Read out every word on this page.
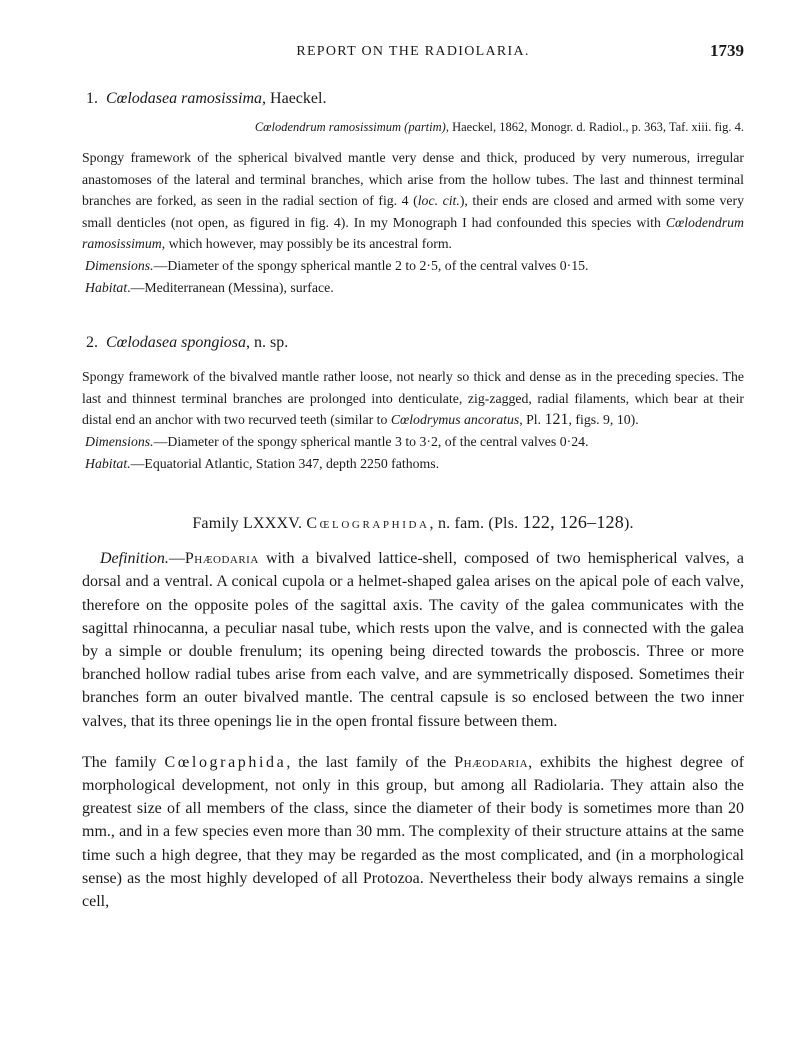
REPORT ON THE RADIOLARIA.	1739
1. Cœlodasea ramosissima, Haeckel.
Cœlodendrum ramosissimum (partim), Haeckel, 1862, Monogr. d. Radiol., p. 363, Taf. xiii. fig. 4.

Spongy framework of the spherical bivalved mantle very dense and thick, produced by very numerous, irregular anastomoses of the lateral and terminal branches, which arise from the hollow tubes. The last and thinnest terminal branches are forked, as seen in the radial section of fig. 4 (loc. cit.), their ends are closed and armed with some very small denticles (not open, as figured in fig. 4). In my Monograph I had confounded this species with Cœlodendrum ramosissimum, which however, may possibly be its ancestral form.

Dimensions.—Diameter of the spongy spherical mantle 2 to 2·5, of the central valves 0·15.

Habitat.—Mediterranean (Messina), surface.

2. Cœlodasea spongiosa, n. sp.

Spongy framework of the bivalved mantle rather loose, not nearly so thick and dense as in the preceding species. The last and thinnest terminal branches are prolonged into denticulate, zig-zagged, radial filaments, which bear at their distal end an anchor with two recurved teeth (similar to Cœlodrymus ancoratus, Pl. 121, figs. 9, 10).

Dimensions.—Diameter of the spongy spherical mantle 3 to 3·2, of the central valves 0·24.

Habitat.—Equatorial Atlantic, Station 347, depth 2250 fathoms.

Family LXXXV. Cœlographida, n. fam. (Pls. 122, 126–128).

Definition.—Phæodaria with a bivalved lattice-shell, composed of two hemispherical valves, a dorsal and a ventral. A conical cupola or a helmet-shaped galea arises on the apical pole of each valve, therefore on the opposite poles of the sagittal axis. The cavity of the galea communicates with the sagittal rhinocanna, a peculiar nasal tube, which rests upon the valve, and is connected with the galea by a simple or double frenulum; its opening being directed towards the proboscis. Three or more branched hollow radial tubes arise from each valve, and are symmetrically disposed. Sometimes their branches form an outer bivalved mantle. The central capsule is so enclosed between the two inner valves, that its three openings lie in the open frontal fissure between them.

The family Cœlographida, the last family of the Phæodaria, exhibits the highest degree of morphological development, not only in this group, but among all Radiolaria. They attain also the greatest size of all members of the class, since the diameter of their body is sometimes more than 20 mm., and in a few species even more than 30 mm. The complexity of their structure attains at the same time such a high degree, that they may be regarded as the most complicated, and (in a morphological sense) as the most highly developed of all Protozoa. Nevertheless their body always remains a single cell,
